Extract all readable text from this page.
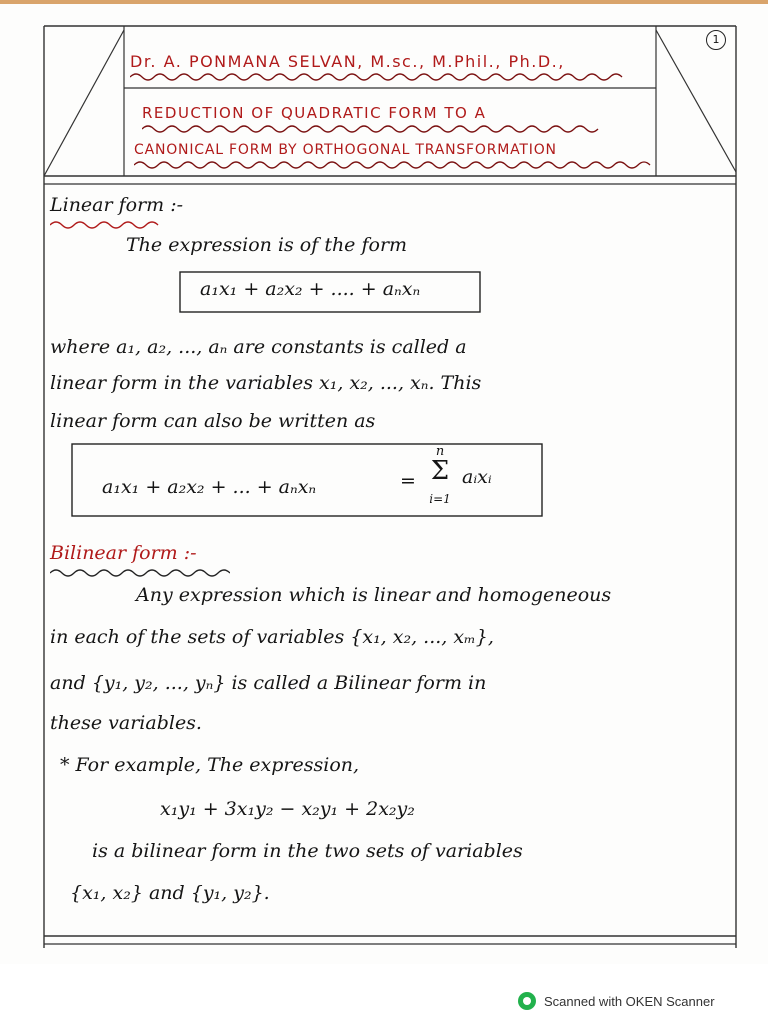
1
Dr. A. PONMANA SELVAN, M.sc., M.Phil., Ph.D.,
REDUCTION OF QUADRATIC FORM TO A
CANONICAL FORM BY ORTHOGONAL TRANSFORMATION
Linear form :-
The expression is of the form
a₁x₁ + a₂x₂ + .... + aₙxₙ
where a₁, a₂, ..., aₙ are constants is called a
linear form in the variables x₁, x₂, ..., xₙ. This
linear form can also be written as
a₁x₁ + a₂x₂ + ... + aₙxₙ	=
n
Σ
i=1
aᵢxᵢ
Bilinear form :-
Any expression which is linear and homogeneous
in each of the sets of variables {x₁, x₂, ..., xₘ},
and {y₁, y₂, ..., yₙ} is called a Bilinear form in
these variables.
* For example, The expression,
x₁y₁ + 3x₁y₂ − x₂y₁ + 2x₂y₂
is a bilinear form in the two sets of variables
{x₁, x₂} and {y₁, y₂}.
Scanned with OKEN Scanner
